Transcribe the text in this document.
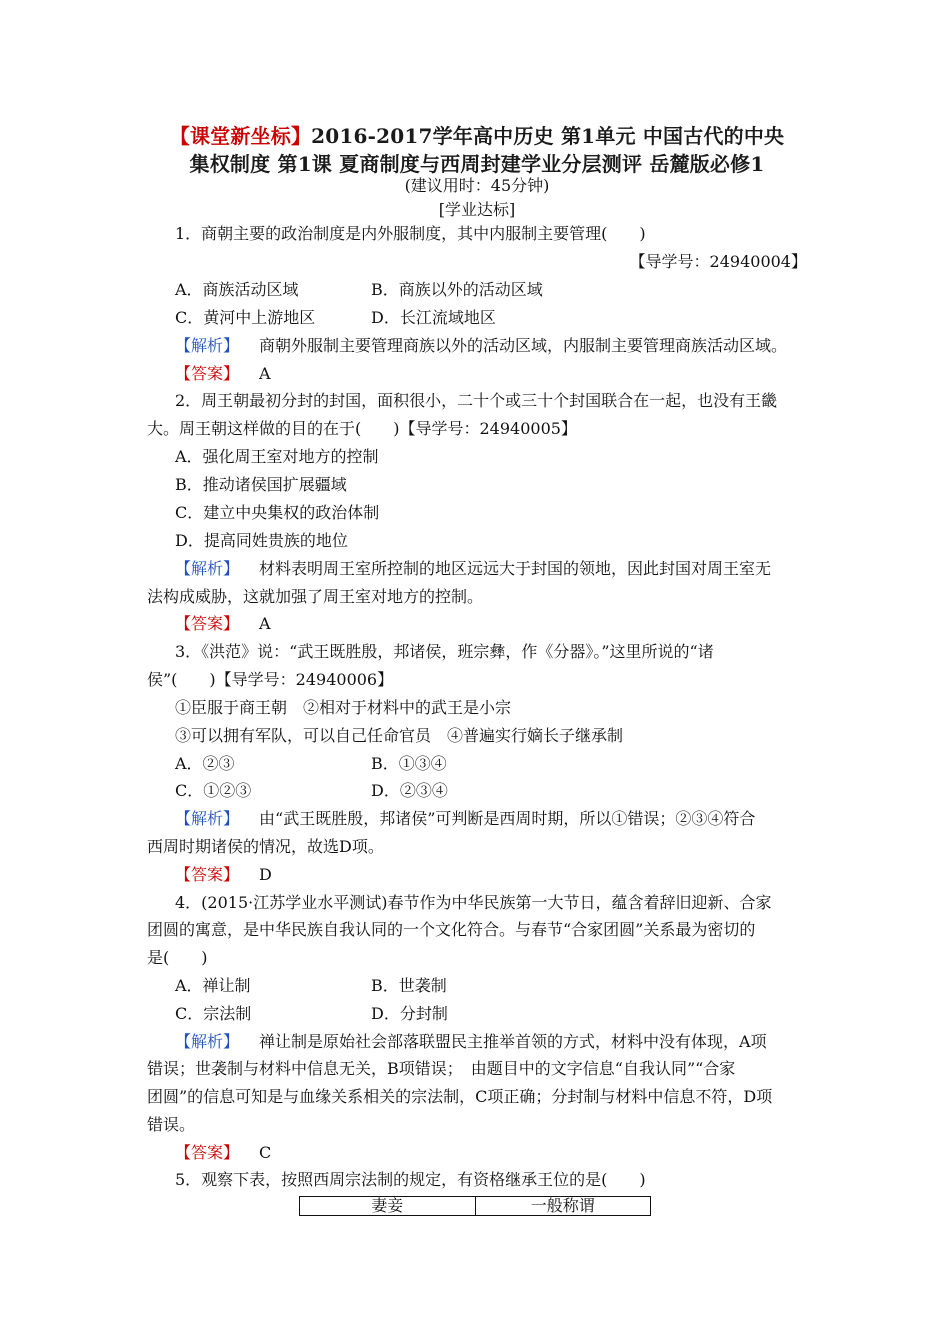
【课堂新坐标】2016-2017学年高中历史 第1单元 中国古代的中央
集权制度 第1课 夏商制度与西周封建学业分层测评 岳麓版必修1
(建议用时：45分钟)
[学业达标]
1．商朝主要的政治制度是内外服制度，其中内服制主要管理(　　)
【导学号：24940004】
A．商族活动区域	B．商族以外的活动区域
C．黄河中上游地区	D．长江流域地区
【解析】 商朝外服制主要管理商族以外的活动区域，内服制主要管理商族活动区域。
【答案】 A
2．周王朝最初分封的封国，面积很小，二十个或三十个封国联合在一起，也没有王畿
大。周王朝这样做的目的在于(　　)【导学号：24940005】
A．强化周王室对地方的控制
B．推动诸侯国扩展疆域
C．建立中央集权的政治体制
D．提高同姓贵族的地位
【解析】 材料表明周王室所控制的地区远远大于封国的领地，因此封国对周王室无
法构成威胁，这就加强了周王室对地方的控制。
【答案】 A
3．《洪范》说：“武王既胜殷，邦诸侯，班宗彝，作《分器》。”这里所说的“诸
侯”(　　)【导学号：24940006】
①臣服于商王朝　②相对于材料中的武王是小宗
③可以拥有军队，可以自己任命官员　④普遍实行嫡长子继承制
A．②③	B．①③④
C．①②③	D．②③④
【解析】 由“武王既胜殷，邦诸侯”可判断是西周时期，所以①错误；②③④符合
西周时期诸侯的情况，故选D项。
【答案】 D
4．(2015·江苏学业水平测试)春节作为中华民族第一大节日，蕴含着辞旧迎新、合家
团圆的寓意，是中华民族自我认同的一个文化符合。与春节“合家团圆”关系最为密切的
是(　　)
A．禅让制	B．世袭制
C．宗法制	D．分封制
【解析】 禅让制是原始社会部落联盟民主推举首领的方式，材料中没有体现，A项
错误；世袭制与材料中信息无关，B项错误；　由题目中的文字信息“自我认同”“合家
团圆”的信息可知是与血缘关系相关的宗法制，C项正确；分封制与材料中信息不符，D项
错误。
【答案】 C
5．观察下表，按照西周宗法制的规定，有资格继承王位的是(　　)
妻妾	一般称谓
